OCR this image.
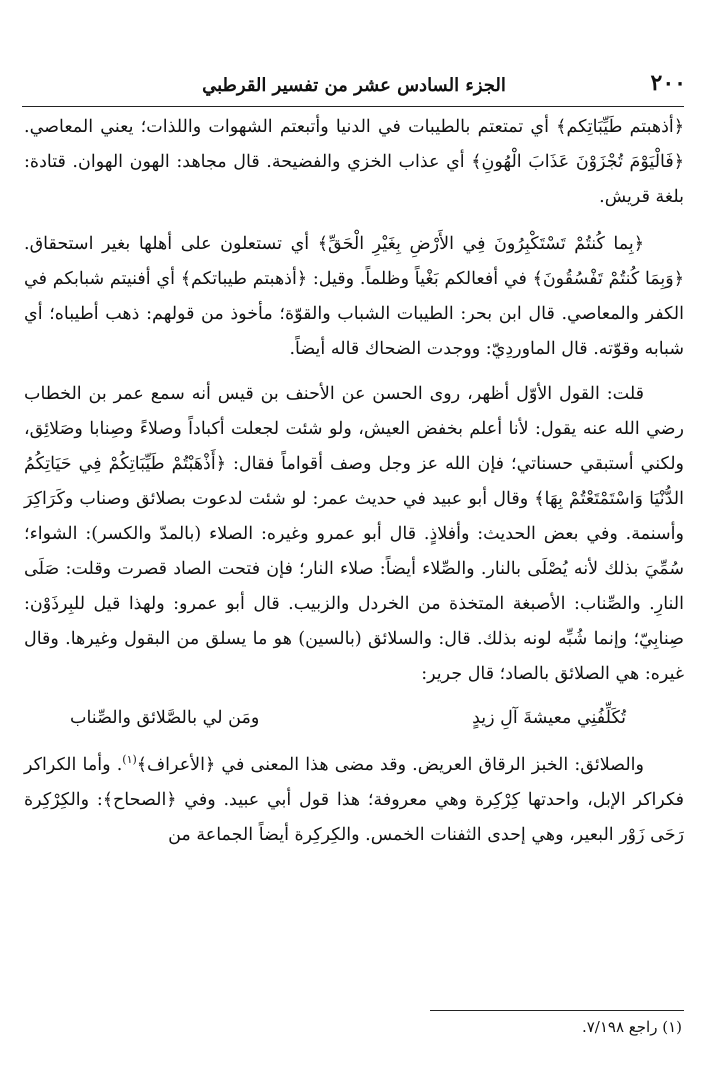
٢٠٠
الجزء السادس عشر من تفسير القرطبي

﴿أذهبتم طَيِّبَاتِكم﴾ أي تمتعتم بالطيبات في الدنيا وأتبعتم الشهوات واللذات؛ يعني المعاصي. ﴿فَالْيَوْمَ تُجْزَوْنَ عَذَابَ الْهُونِ﴾ أي عذاب الخزي والفضيحة. قال مجاهد: الهون الهوان. قتادة: بلغة قريش.

﴿بِما كُنتُمْ تَسْتَكْبِرُونَ فِي الأَرْضِ بِغَيْرِ الْحَقِّ﴾ أي تستعلون على أهلها بغير استحقاق. ﴿وَبِمَا كُنتُمْ تَفْسُقُونَ﴾ في أفعالكم بَغْياً وظلماً. وقيل: ﴿أذهبتم طيباتكم﴾ أي أفنيتم شبابكم في الكفر والمعاصي. قال ابن بحر: الطيبات الشباب والقوّة؛ مأخوذ من قولهم: ذهب أطيباه؛ أي شبابه وقوّته. قال الماوردِيّ: ووجدت الضحاك قاله أيضاً.

قلت: القول الأوّل أظهر، روى الحسن عن الأحنف بن قيس أنه سمع عمر بن الخطاب رضي الله عنه يقول: لأنا أعلم بخفض العيش، ولو شئت لجعلت أكباداً وصلاءً وصِنابا وصَلائِق، ولكني أستبقي حسناتي؛ فإن الله عز وجل وصف أقواماً فقال: ﴿أَذْهَبْتُمْ طَيِّبَاتِكُمْ فِي حَيَاتِكُمُ الدُّنْيَا وَاسْتَمْتَعْتُمْ بِهَا﴾ وقال أبو عبيد في حديث عمر: لو شئت لدعوت بصلائق وصناب وكَرَاكِرَ وأسنمة. وفي بعض الحديث: وأفلاذٍ. قال أبو عمرو وغيره: الصلاء (بالمدّ والكسر): الشواء؛ سُمِّيَ بذلك لأنه يُصْلَى بالنار. والصِّلاء أيضاً: صلاء النار؛ فإن فتحت الصاد قصرت وقلت: صَلَى النارِ. والصِّناب: الأصبغة المتخذة من الخردل والزبيب. قال أبو عمرو: ولهذا قيل للبِرذَوْن: صِنابِيّ؛ وإنما شُبِّه لونه بذلك. قال: والسلائق (بالسين) هو ما يسلق من البقول وغيرها. وقال غيره: هي الصلائق بالصاد؛ قال جرير:

تُكَلِّفُنِي معيشةَ آلِ زيدٍ
ومَن لي بالصَّلائق والصِّناب

والصلائق: الخبز الرقاق العريض. وقد مضى هذا المعنى في ﴿الأعراف﴾$^{(١)}$. وأما الكراكر فكراكر الإبل، واحدتها كِرْكِرة وهي معروفة؛ هذا قول أبي عبيد. وفي ﴿الصحاح﴾: والكِرْكِرة رَحَى زَوْر البعير، وهي إحدى الثفنات الخمس. والكِركِرة أيضاً الجماعة من

(١) راجع ٧/١٩٨.
